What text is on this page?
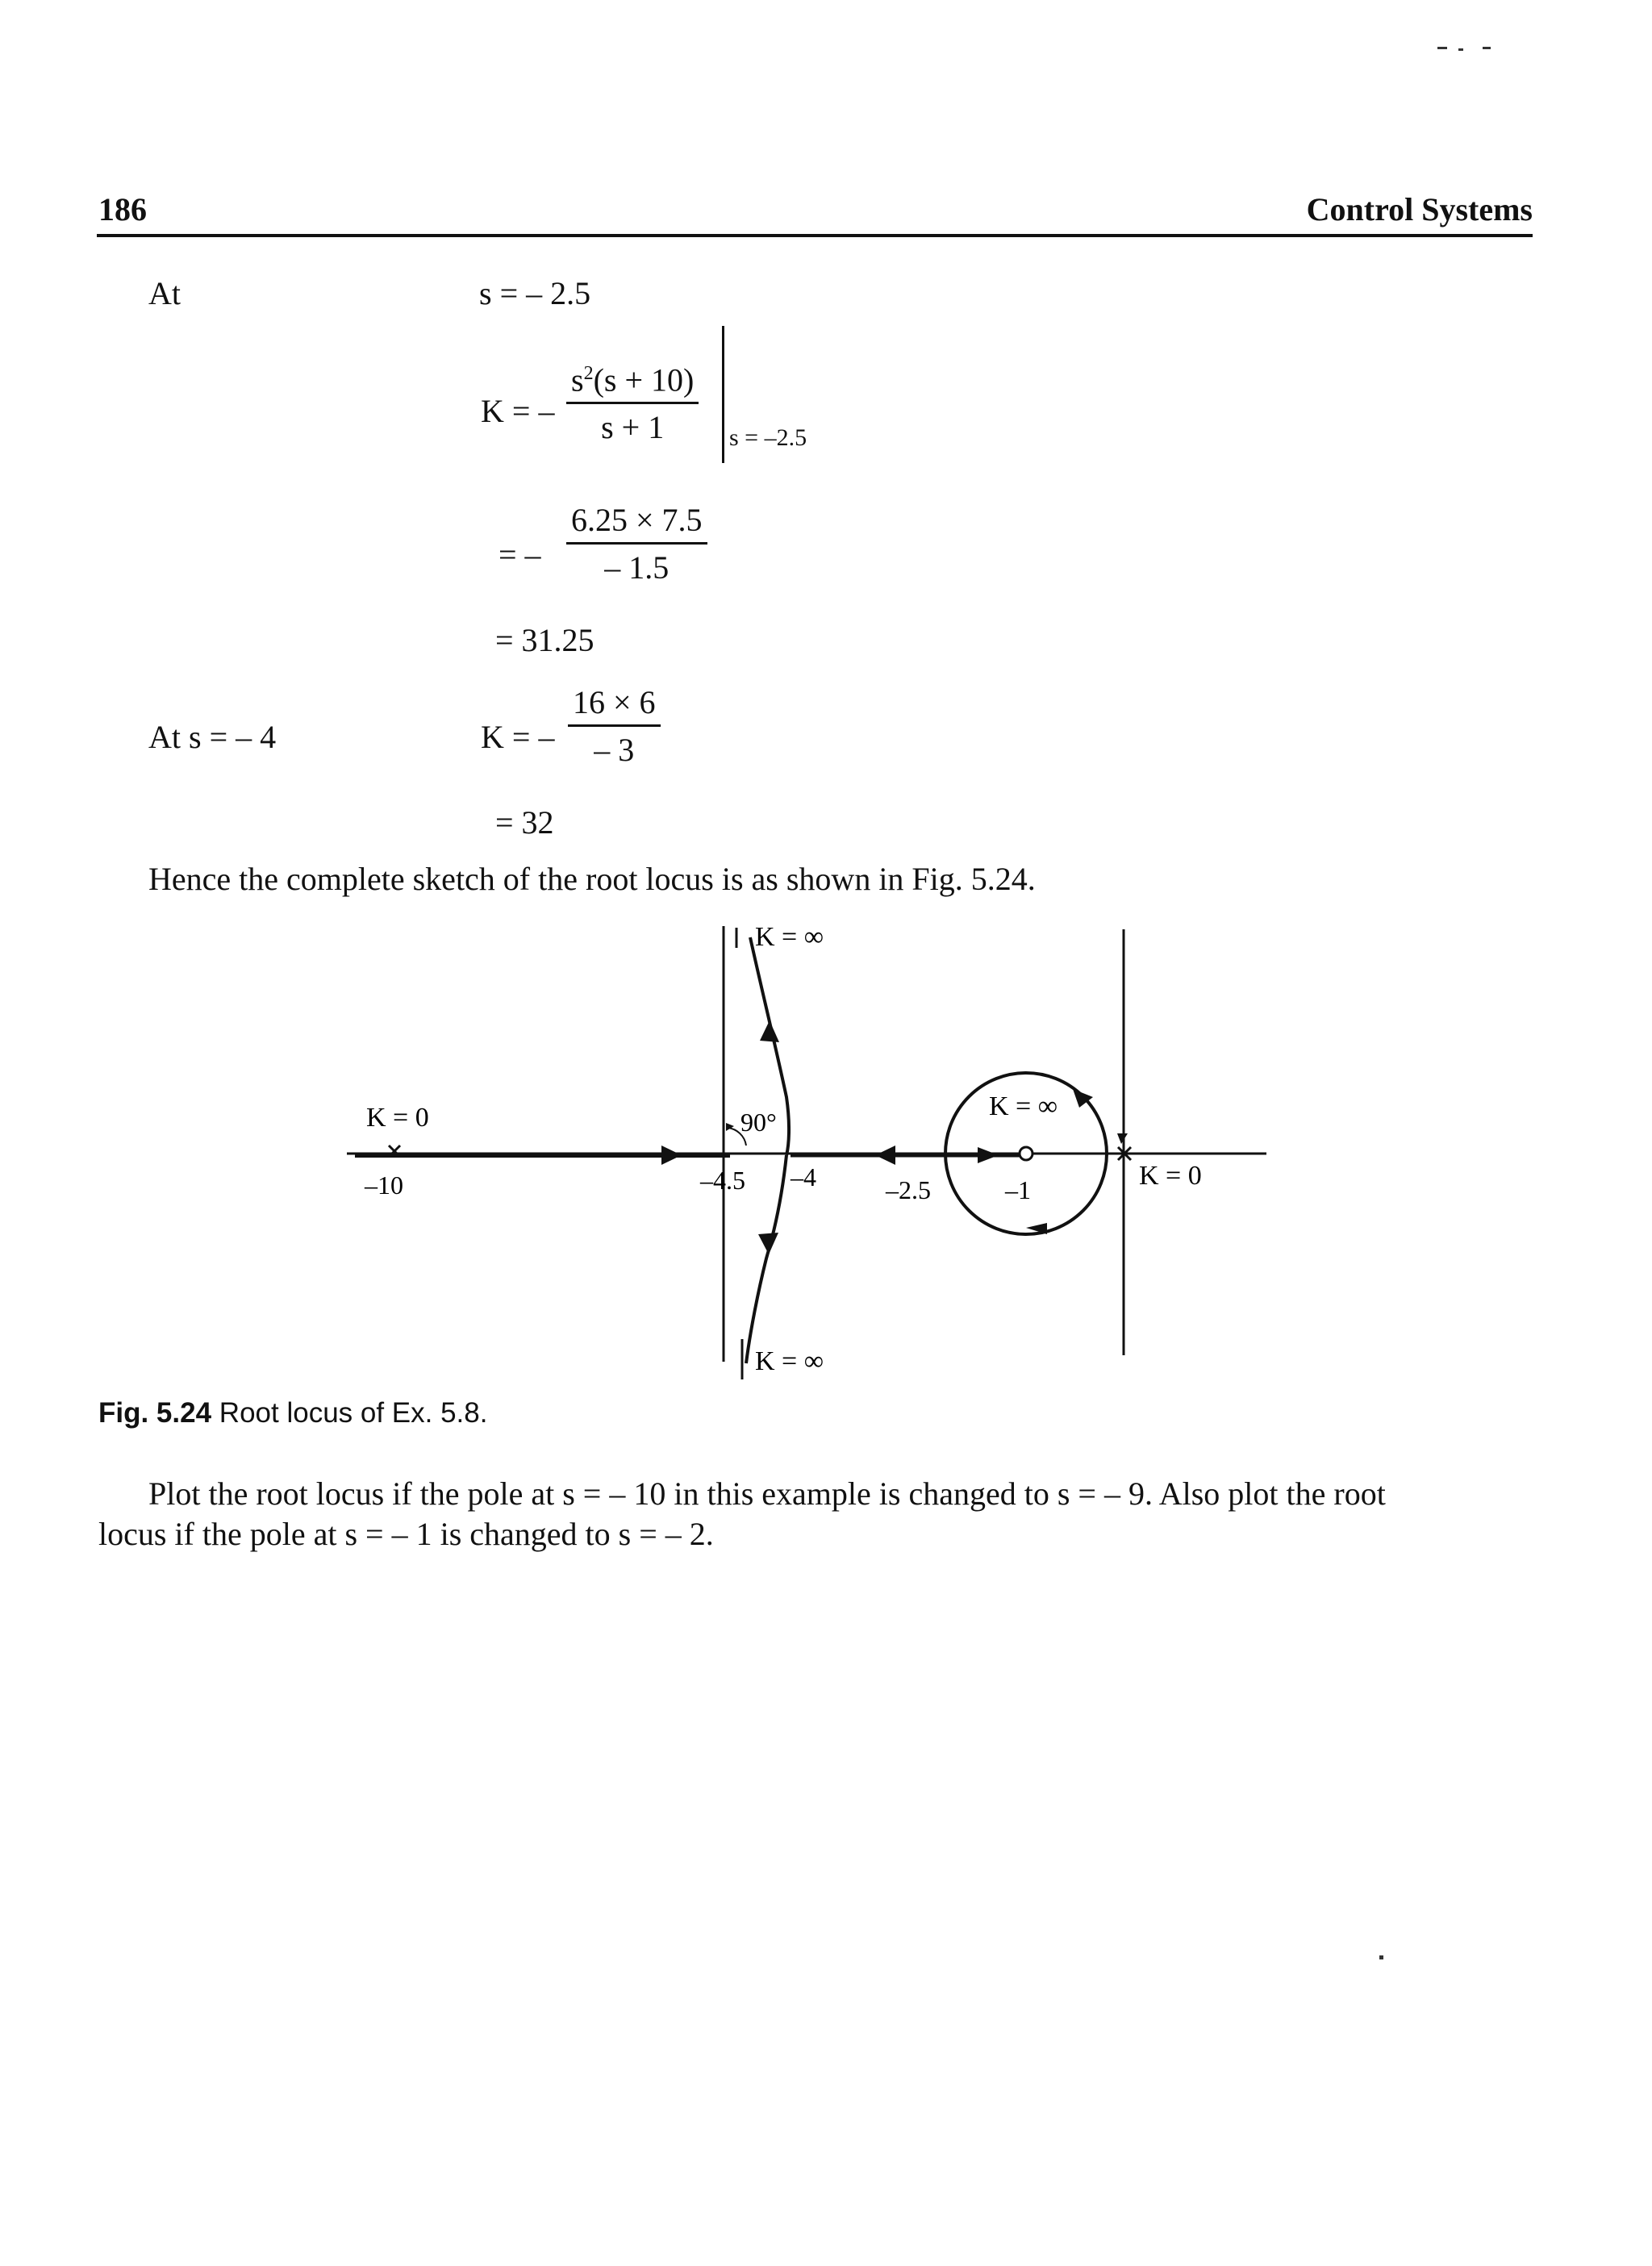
186	Control Systems
At	s = – 2.5
K = –
$s^2(s + 10)$
s + 1	s = –2.5
= –
6.25 × 7.5
– 1.5
= 31.25
At s = – 4	K = –
16 × 6
– 3
= 32
Hence the complete sketch of the root locus is as shown in Fig. 5.24.
K = ∞
K = ∞
K = ∞
K = 0
K = 0
90°
–10	–4.5 –4	–2.5	–1
Fig. 5.24 Root locus of Ex. 5.8.
Plot the root locus if the pole at s = – 10 in this example is changed to s = – 9. Also plot the root
locus if the pole at s = – 1 is changed to s = – 2.
